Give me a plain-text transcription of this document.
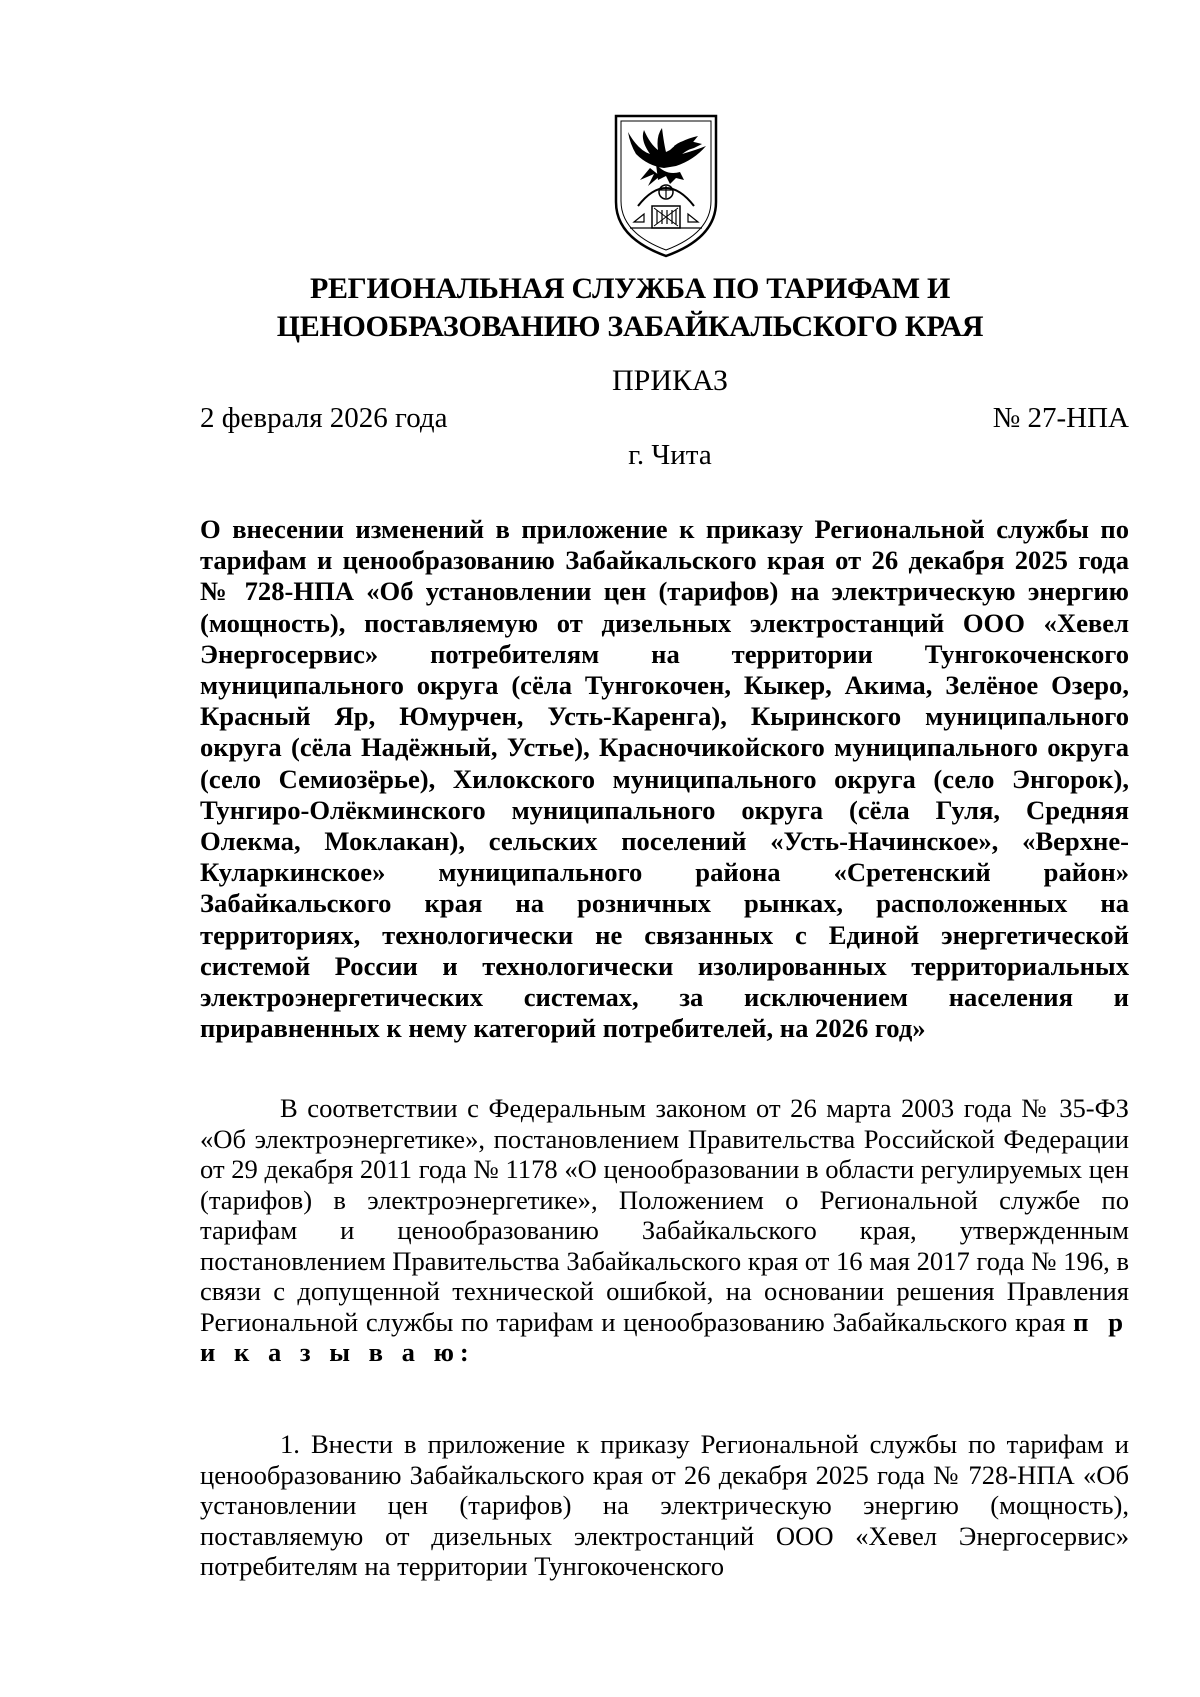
РЕГИОНАЛЬНАЯ СЛУЖБА ПО ТАРИФАМ И
ЦЕНООБРАЗОВАНИЮ ЗАБАЙКАЛЬСКОГО КРАЯ
ПРИКАЗ
2 февраля 2026 года	№ 27-НПА
г. Чита
О внесении изменений в приложение к приказу Региональной службы по тарифам и ценообразованию Забайкальского края от 26 декабря 2025 года № 728-НПА «Об установлении цен (тарифов) на электрическую энергию (мощность), поставляемую от дизельных электростанций ООО «Хевел Энергосервис» потребителям на территории Тунгокоченского муниципального округа (сёла Тунгокочен, Кыкер, Акима, Зелёное Озеро, Красный Яр, Юмурчен, Усть-Каренга), Кыринского муниципального округа (сёла Надёжный, Устье), Красночикойского муниципального округа (село Семиозёрье), Хилокского муниципального округа (село Энгорок), Тунгиро-Олёкминского муниципального округа (сёла Гуля, Средняя Олекма, Моклакан), сельских поселений «Усть-Начинское», «Верхне-Куларкинское» муниципального района «Сретенский район» Забайкальского края на розничных рынках, расположенных на территориях, технологически не связанных с Единой энергетической системой России и технологически изолированных территориальных электроэнергетических системах, за исключением населения и приравненных к нему категорий потребителей, на 2026 год»

В соответствии с Федеральным законом от 26 марта 2003 года № 35-ФЗ «Об электроэнергетике», постановлением Правительства Российской Федерации от 29 декабря 2011 года № 1178 «О ценообразовании в области регулируемых цен (тарифов) в электроэнергетике», Положением о Региональной службе по тарифам и ценообразованию Забайкальского края, утвержденным постановлением Правительства Забайкальского края от 16 мая 2017 года № 196, в связи с допущенной технической ошибкой, на основании решения Правления Региональной службы по тарифам и ценообразованию Забайкальского края п р и к а з ы в а ю:

1. Внести в приложение к приказу Региональной службы по тарифам и ценообразованию Забайкальского края от 26 декабря 2025 года № 728-НПА «Об установлении цен (тарифов) на электрическую энергию (мощность), поставляемую от дизельных электростанций ООО «Хевел Энергосервис» потребителям на территории Тунгокоченского
